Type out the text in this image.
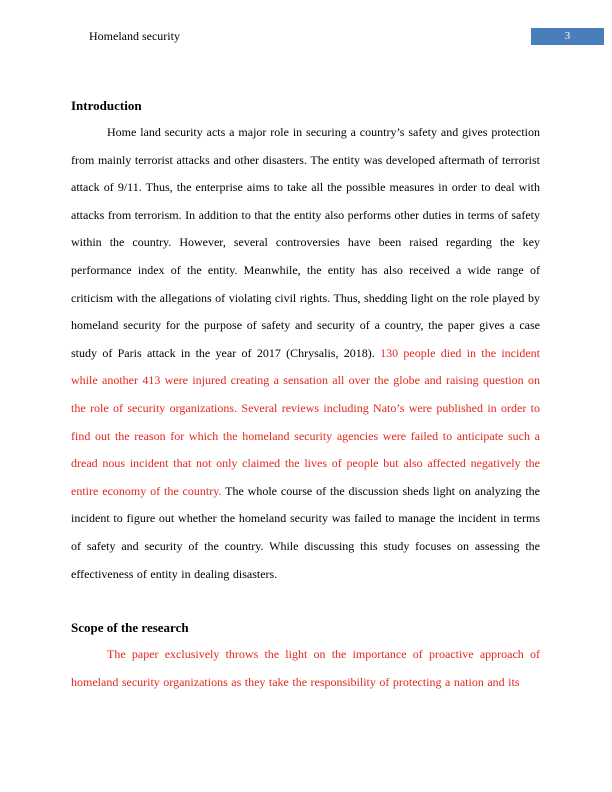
Homeland security	3
Introduction

Home land security acts a major role in securing a country’s safety and gives protection from mainly terrorist attacks and other disasters. The entity was developed aftermath of terrorist attack of 9/11. Thus, the enterprise aims to take all the possible measures in order to deal with attacks from terrorism. In addition to that the entity also performs other duties in terms of safety within the country. However, several controversies have been raised regarding the key performance index of the entity. Meanwhile, the entity has also received a wide range of criticism with the allegations of violating civil rights. Thus, shedding light on the role played by homeland security for the purpose of safety and security of a country, the paper gives a case study of Paris attack in the year of 2017 (Chrysalis, 2018). 130 people died in the incident while another 413 were injured creating a sensation all over the globe and raising question on the role of security organizations. Several reviews including Nato’s were published in order to find out the reason for which the homeland security agencies were failed to anticipate such a dread nous incident that not only claimed the lives of people but also affected negatively the entire economy of the country. The whole course of the discussion sheds light on analyzing the incident to figure out whether the homeland security was failed to manage the incident in terms of safety and security of the country. While discussing this study focuses on assessing the effectiveness of entity in dealing disasters.

Scope of the research

The paper exclusively throws the light on the importance of proactive approach of homeland security organizations as they take the responsibility of protecting a nation and its
